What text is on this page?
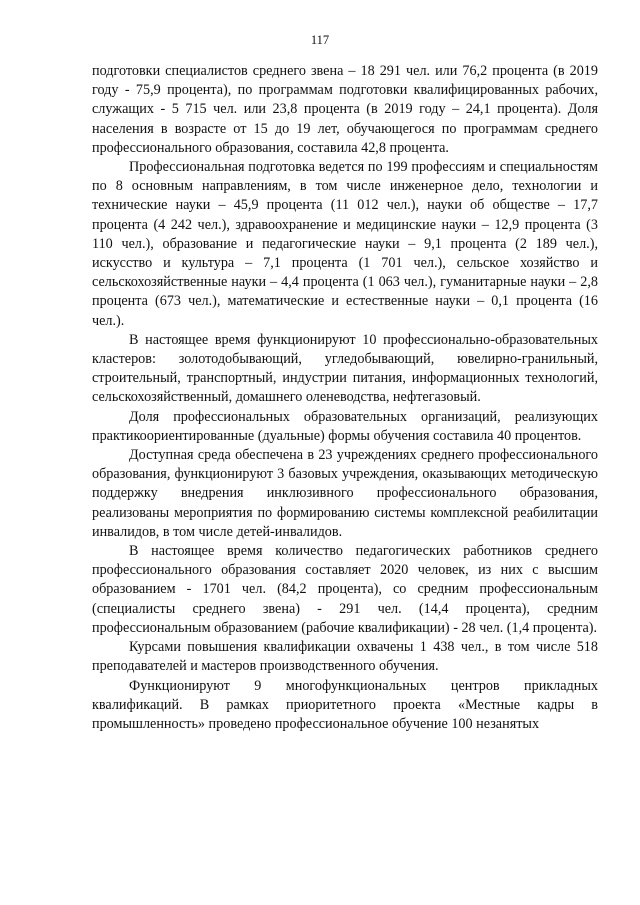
117

подготовки специалистов среднего звена – 18 291 чел. или 76,2 процента (в 2019 году - 75,9 процента), по программам подготовки квалифицированных рабочих, служащих - 5 715 чел. или 23,8 процента (в 2019 году – 24,1 процента). Доля населения в возрасте от 15 до 19 лет, обучающегося по программам среднего профессионального образования, составила 42,8 процента.

Профессиональная подготовка ведется по 199 профессиям и специальностям по 8 основным направлениям, в том числе инженерное дело, технологии и технические науки – 45,9 процента (11 012 чел.), науки об обществе – 17,7 процента (4 242 чел.), здравоохранение и медицинские науки – 12,9 процента (3 110 чел.), образование и педагогические науки – 9,1 процента (2 189 чел.), искусство и культура – 7,1 процента (1 701 чел.), сельское хозяйство и сельскохозяйственные науки – 4,4 процента (1 063 чел.), гуманитарные науки – 2,8 процента (673 чел.), математические и естественные науки – 0,1 процента (16 чел.).

В настоящее время функционируют 10 профессионально-образовательных кластеров: золотодобывающий, угледобывающий, ювелирно-гранильный, строительный, транспортный, индустрии питания, информационных технологий, сельскохозяйственный, домашнего оленеводства, нефтегазовый.

Доля профессиональных образовательных организаций, реализующих практикоориентированные (дуальные) формы обучения составила 40 процентов.

Доступная среда обеспечена в 23 учреждениях среднего профессионального образования, функционируют 3 базовых учреждения, оказывающих методическую поддержку внедрения инклюзивного профессионального образования, реализованы мероприятия по формированию системы комплексной реабилитации инвалидов, в том числе детей-инвалидов.

В настоящее время количество педагогических работников среднего профессионального образования составляет 2020 человек, из них с высшим образованием - 1701 чел. (84,2 процента), со средним профессиональным (специалисты среднего звена) - 291 чел. (14,4 процента), средним профессиональным образованием (рабочие квалификации) - 28 чел. (1,4 процента).

Курсами повышения квалификации охвачены 1 438 чел., в том числе 518 преподавателей и мастеров производственного обучения.

Функционируют 9 многофункциональных центров прикладных квалификаций. В рамках приоритетного проекта «Местные кадры в промышленность» проведено профессиональное обучение 100 незанятых
